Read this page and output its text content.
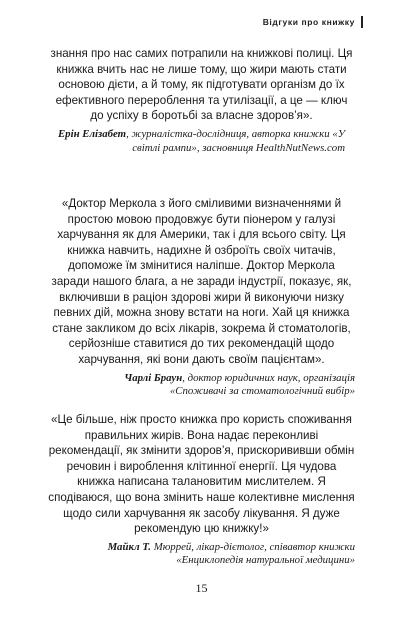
Відгуки про книжку

знання про нас самих потрапили на книжкові полиці. Ця книжка вчить нас не лише тому, що жири мають стати основою дієти, а й тому, як підготувати організм до їх ефективного перероблення та утилізації, а це — ключ до успіху в боротьбі за власне здоров’я».

Ерін Елізабет, журналістка-дослідниця, авторка книжки «У світлі рампи», засновниця HealthNutNews.com

«Доктор Меркола з його сміливими визначеннями й простою мовою продовжує бути піонером у галузі харчування як для Америки, так і для всього світу. Ця книжка навчить, надихне й озброїть своїх читачів, допоможе їм змінитися наліпше. Доктор Меркола заради нашого блага, а не заради індустрії, показує, як, включивши в раціон здорові жири й виконуючи низку певних дій, можна знову встати на ноги. Хай ця книжка стане закликом до всіх лікарів, зокрема й стоматологів, серйозніше ставитися до тих рекомендацій щодо харчування, які вони дають своїм пацієнтам».

Чарлі Браун, доктор юридичних наук, організація «Споживачі за стоматологічний вибір»

«Це більше, ніж просто книжка про користь споживання правильних жирів. Вона надає переконливі рекомендації, як змінити здоров’я, прискорививши обмін речовин і вироблення клітинної енергії. Ця чудова книжка написана талановитим мислителем. Я сподіваюся, що вона змінить наше колективне мислення щодо сили харчування як засобу лікування. Я дуже рекомендую цю книжку!»

Майкл Т. Мюррей, лікар-дієтолог, співавтор книжки «Енциклопедія натуральної медицини»

15
